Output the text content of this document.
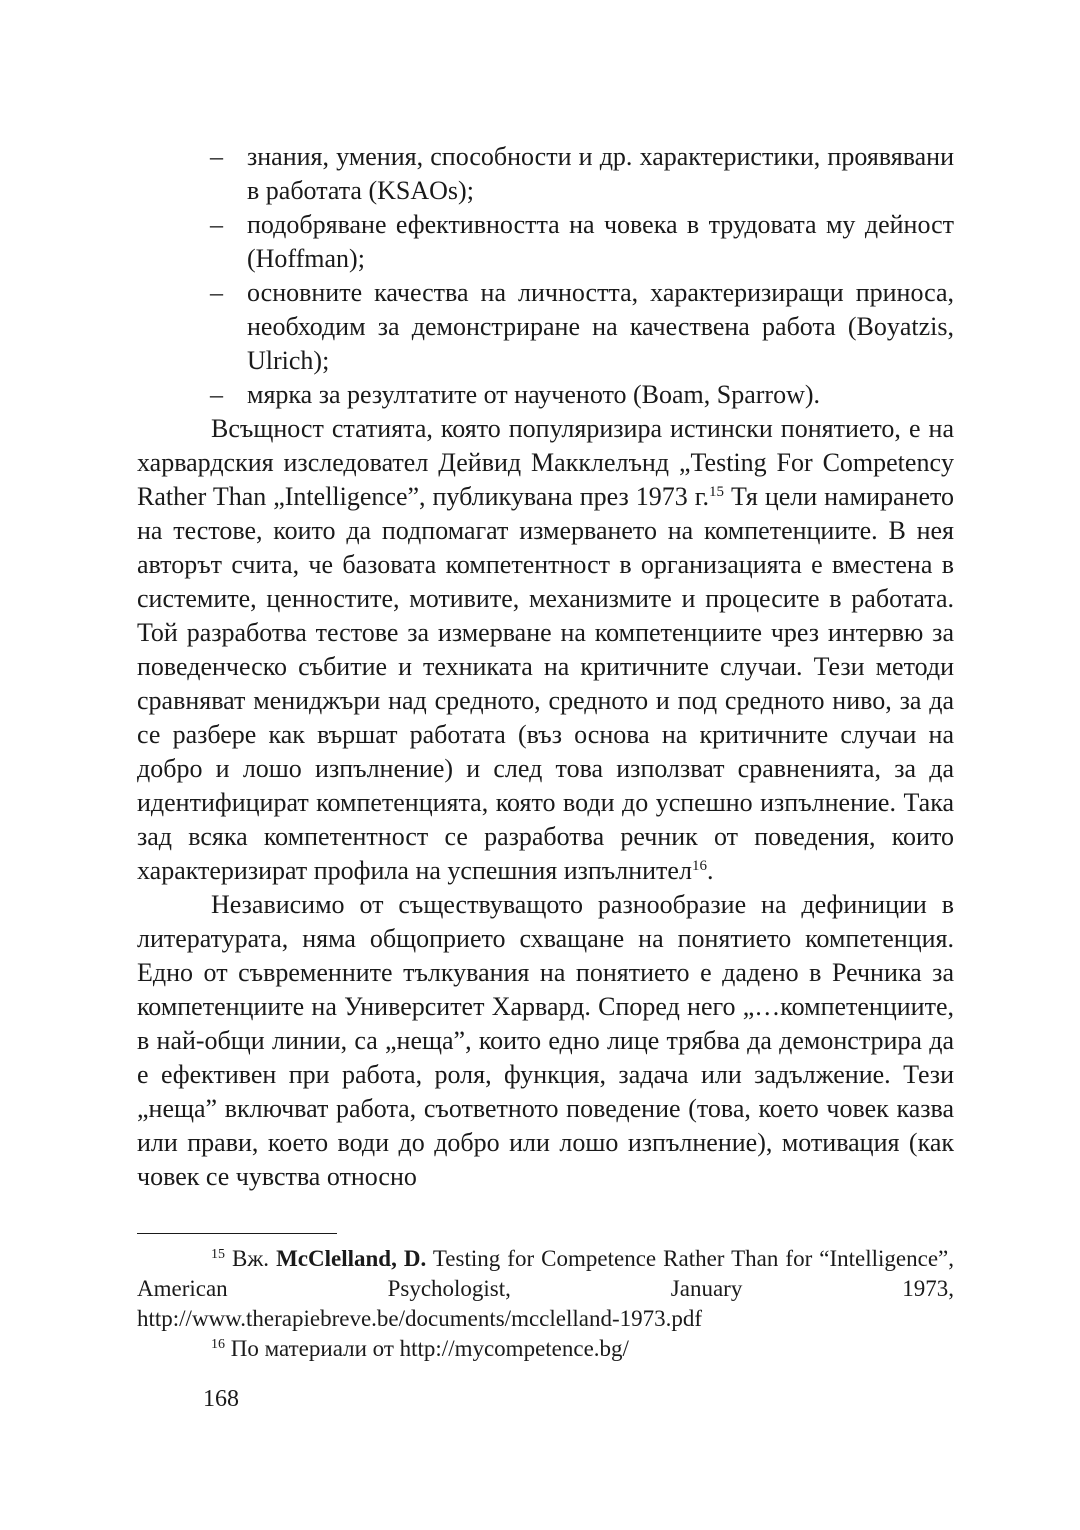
– знания, умения, способности и др. характеристики, проявявани в работата (KSAOs);
– подобряване ефективността на човека в трудовата му дейност (Hoffman);
– основните качества на личността, характеризиращи приноса, необходим за демонстриране на качествена работа (Boyatzis, Ulrich);
– мярка за резултатите от наученото (Boam, Sparrow).

Всъщност статията, която популяризира истински понятието, е на харвардския изследовател Дейвид Макклелънд „Testing For Competency Rather Than „Intelligence”, публикувана през 1973 г.$^{15}$ Тя цели намирането на тестове, които да подпомагат измерването на компетенциите. В нея авторът счита, че базовата компетентност в организацията е вместена в системите, ценностите, мотивите, механизмите и процесите в работата. Той разработва тестове за измерване на компетенциите чрез интервю за поведенческо събитие и техниката на критичните случаи. Тези методи сравняват мениджъри над средното, средното и под средното ниво, за да се разбере как вършат работата (въз основа на критичните случаи на добро и лошо изпълнение) и след това използват сравненията, за да идентифицират компетенцията, която води до успешно изпълнение. Така зад всяка компетентност се разработва речник от поведения, които характеризират профила на успешния изпълнител$^{16}$.

Независимо от съществуващото разнообразие на дефиниции в литературата, няма общоприето схващане на понятието компетенция. Едно от съвременните тълкувания на понятието е дадено в Речника за компетенциите на Университет Харвард. Според него „…компетенциите, в най-общи линии, са „неща”, които едно лице трябва да демонстрира да е ефективен при работа, роля, функция, задача или задължение. Тези „неща” включват работа, съответното поведение (това, което човек казва или прави, което води до добро или лошо изпълнение), мотивация (как човек се чувства относно

$^{15}$ Вж. McClelland, D. Testing for Competence Rather Than for “Intelligence”, American Psychologist, January 1973, http://www.therapiebreve.be/documents/mcclelland-1973.pdf

$^{16}$ По материали от http://mycompetence.bg/

168
